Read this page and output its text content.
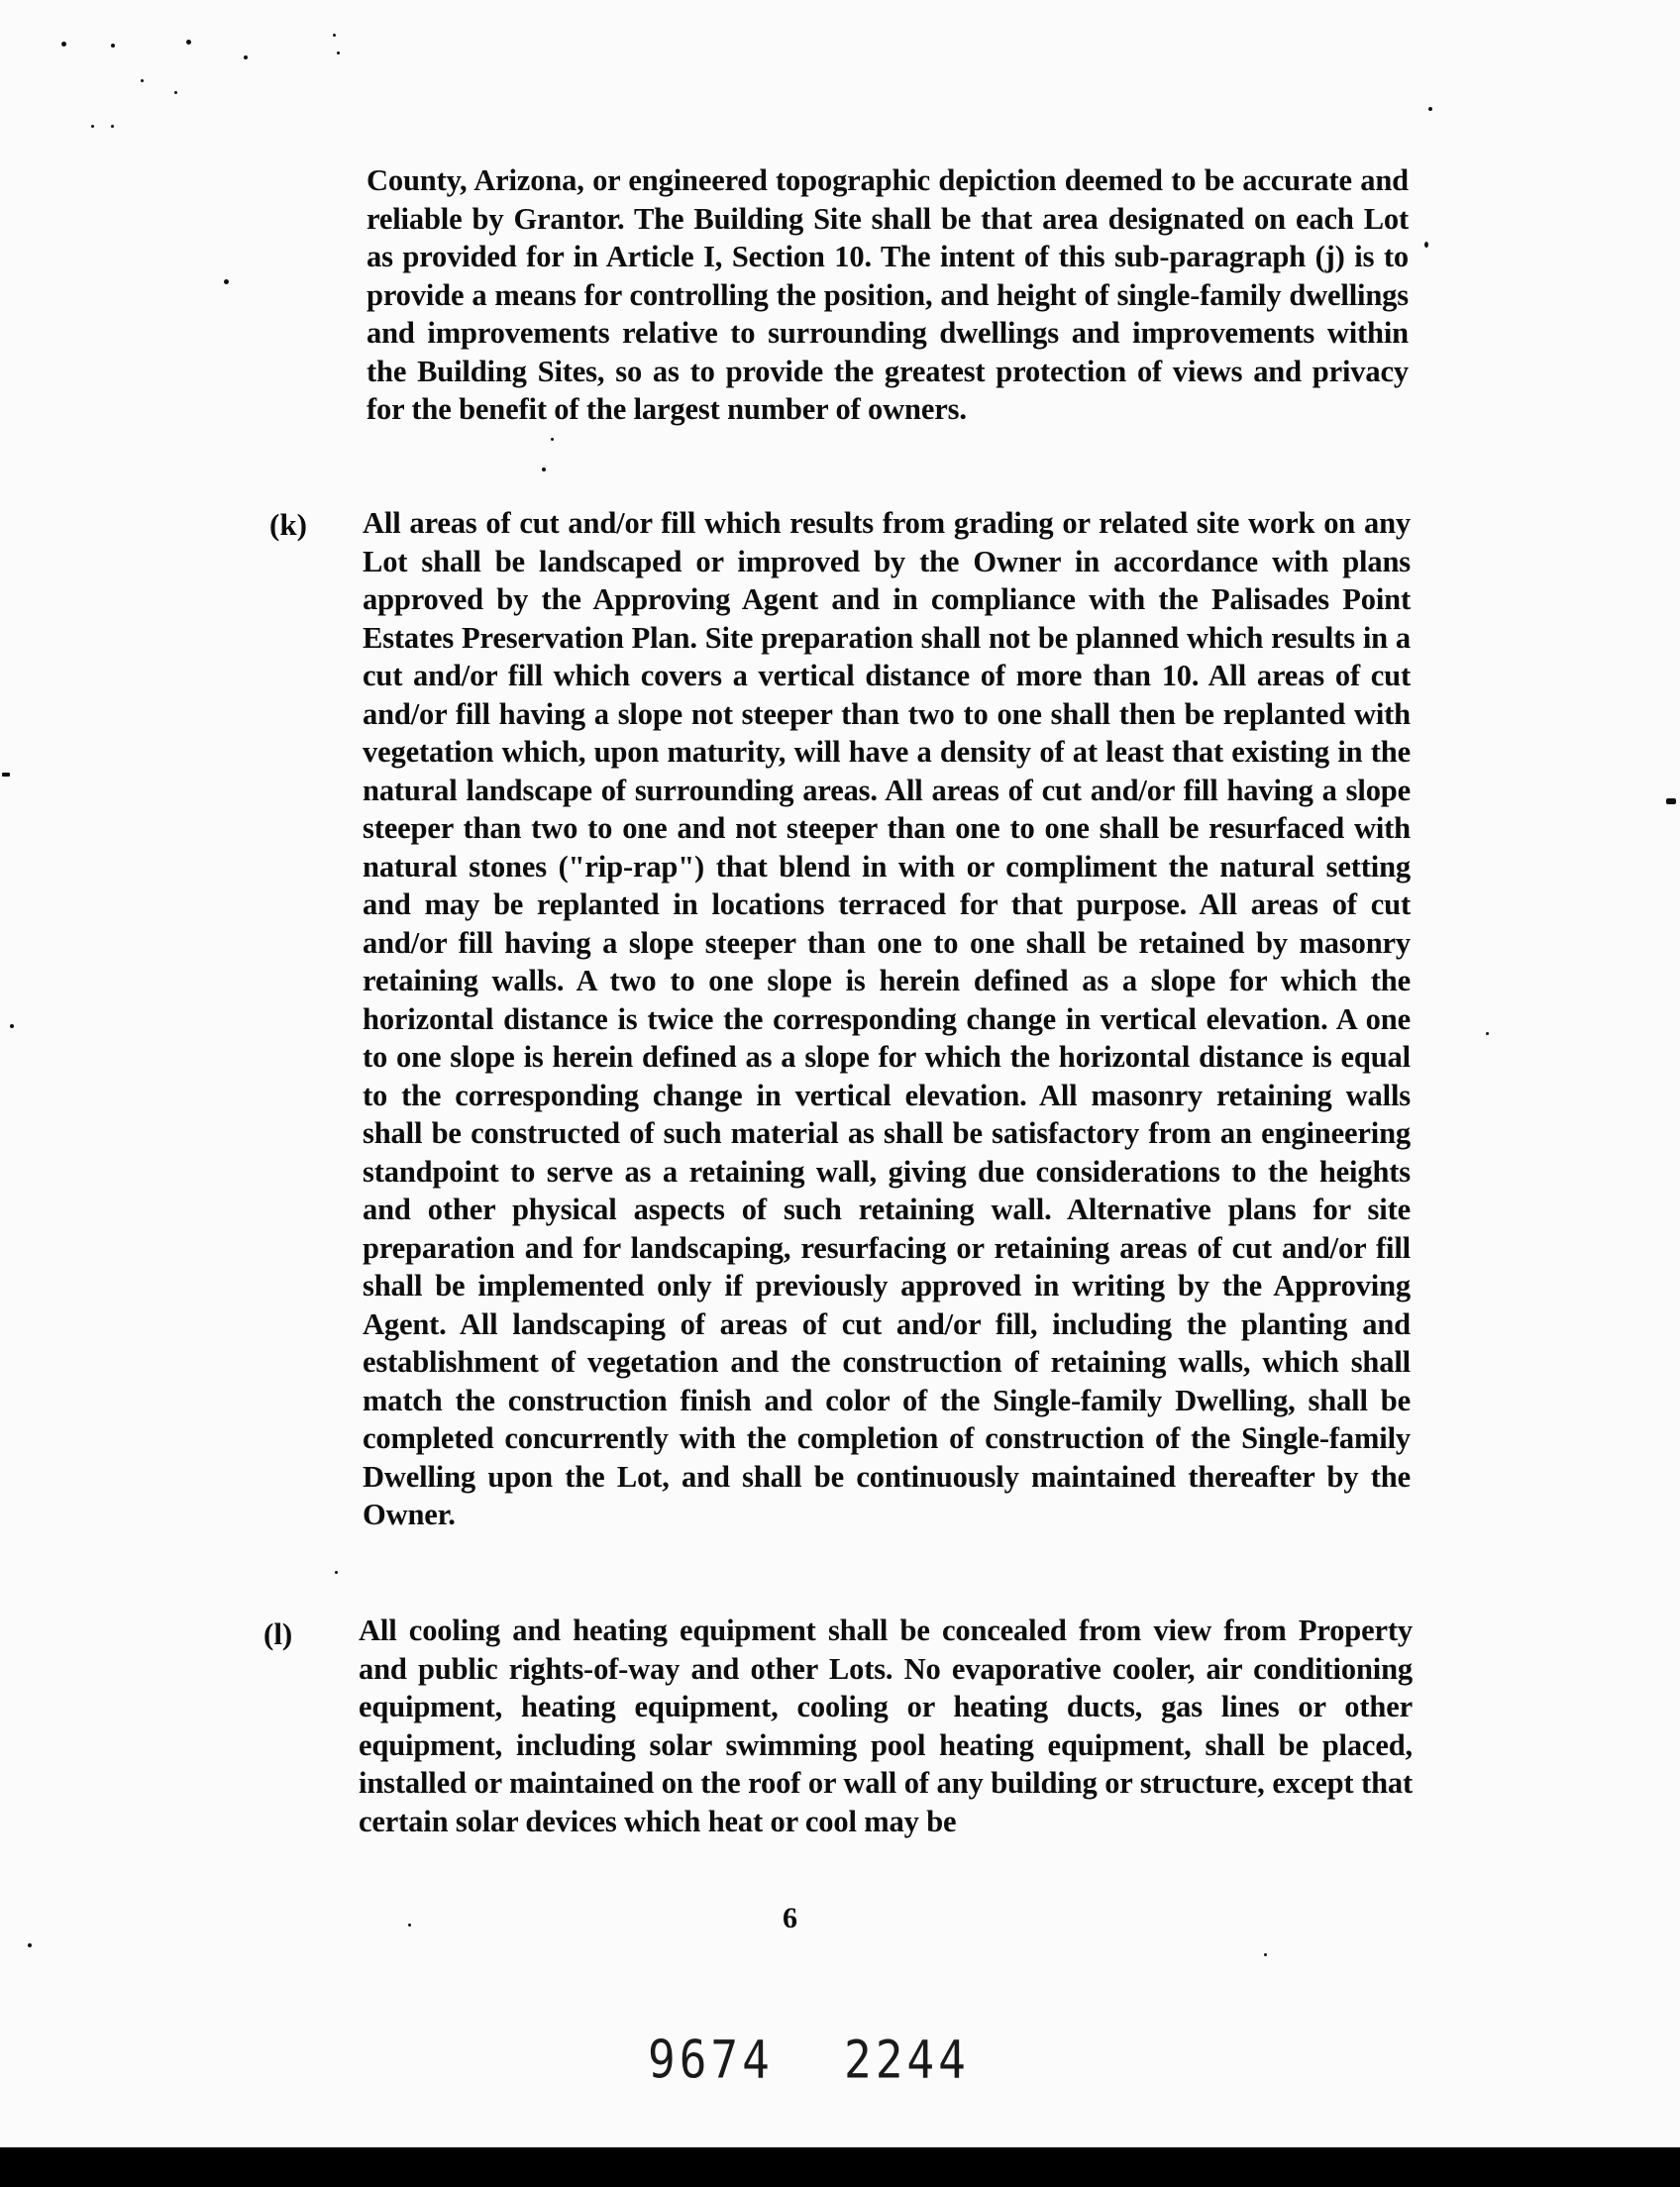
County, Arizona, or engineered topographic depiction deemed to be accurate and reliable by Grantor. The Building Site shall be that area designated on each Lot as provided for in Article I, Section 10. The intent of this sub-paragraph (j) is to provide a means for controlling the position, and height of single-family dwellings and improvements relative to surrounding dwellings and improvements within the Building Sites, so as to provide the greatest protection of views and privacy for the benefit of the largest number of owners.
(k) All areas of cut and/or fill which results from grading or related site work on any Lot shall be landscaped or improved by the Owner in accordance with plans approved by the Approving Agent and in compliance with the Palisades Point Estates Preservation Plan. Site preparation shall not be planned which results in a cut and/or fill which covers a vertical distance of more than 10. All areas of cut and/or fill having a slope not steeper than two to one shall then be replanted with vegetation which, upon maturity, will have a density of at least that existing in the natural landscape of surrounding areas. All areas of cut and/or fill having a slope steeper than two to one and not steeper than one to one shall be resurfaced with natural stones ("rip-rap") that blend in with or compliment the natural setting and may be replanted in locations terraced for that purpose. All areas of cut and/or fill having a slope steeper than one to one shall be retained by masonry retaining walls. A two to one slope is herein defined as a slope for which the horizontal distance is twice the corresponding change in vertical elevation. A one to one slope is herein defined as a slope for which the horizontal distance is equal to the corresponding change in vertical elevation. All masonry retaining walls shall be constructed of such material as shall be satisfactory from an engineering standpoint to serve as a retaining wall, giving due considerations to the heights and other physical aspects of such retaining wall. Alternative plans for site preparation and for landscaping, resurfacing or retaining areas of cut and/or fill shall be implemented only if previously approved in writing by the Approving Agent. All landscaping of areas of cut and/or fill, including the planting and establishment of vegetation and the construction of retaining walls, which shall match the construction finish and color of the Single-family Dwelling, shall be completed concurrently with the completion of construction of the Single-family Dwelling upon the Lot, and shall be continuously maintained thereafter by the Owner.
(l) All cooling and heating equipment shall be concealed from view from Property and public rights-of-way and other Lots. No evaporative cooler, air conditioning equipment, heating equipment, cooling or heating ducts, gas lines or other equipment, including solar swimming pool heating equipment, shall be placed, installed or maintained on the roof or wall of any building or structure, except that certain solar devices which heat or cool may be
6
9674 2244
